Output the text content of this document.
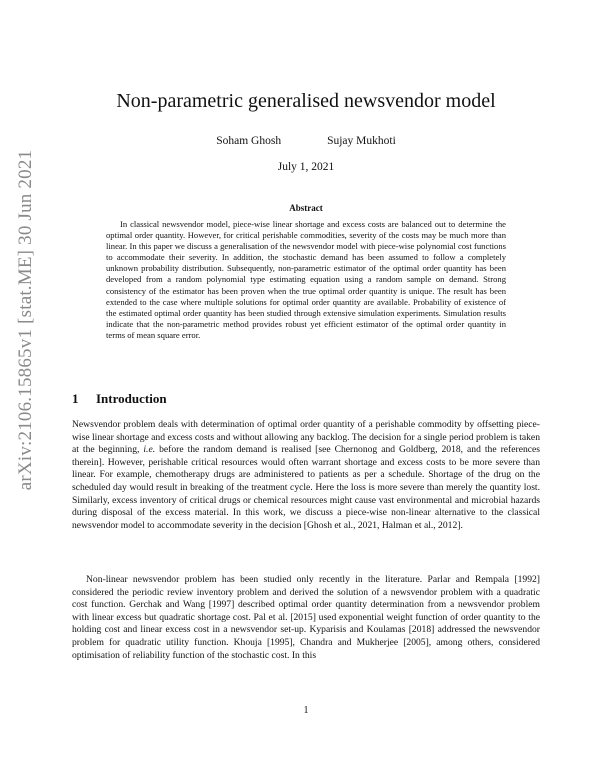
arXiv:2106.15865v1 [stat.ME] 30 Jun 2021
Non-parametric generalised newsvendor model
Soham Ghosh	Sujay Mukhoti
July 1, 2021
Abstract

In classical newsvendor model, piece-wise linear shortage and excess costs are balanced out to determine the optimal order quantity. However, for critical perishable commodities, severity of the costs may be much more than linear. In this paper we discuss a generalisation of the newsvendor model with piece-wise polynomial cost functions to accommodate their severity. In addition, the stochastic demand has been assumed to follow a completely unknown probability distribution. Subsequently, non-parametric estimator of the optimal order quantity has been developed from a random polynomial type estimating equation using a random sample on demand. Strong consistency of the estimator has been proven when the true optimal order quantity is unique. The result has been extended to the case where multiple solutions for optimal order quantity are available. Probability of existence of the estimated optimal order quantity has been studied through extensive simulation experiments. Simulation results indicate that the non-parametric method provides robust yet efficient estimator of the optimal order quantity in terms of mean square error.

1 Introduction

Newsvendor problem deals with determination of optimal order quantity of a perishable commodity by offsetting piece-wise linear shortage and excess costs and without allowing any backlog. The decision for a single period problem is taken at the beginning, i.e. before the random demand is realised [see Chernonog and Goldberg, 2018, and the references therein]. However, perishable critical resources would often warrant shortage and excess costs to be more severe than linear. For example, chemotherapy drugs are administered to patients as per a schedule. Shortage of the drug on the scheduled day would result in breaking of the treatment cycle. Here the loss is more severe than merely the quantity lost. Similarly, excess inventory of critical drugs or chemical resources might cause vast environmental and microbial hazards during disposal of the excess material. In this work, we discuss a piece-wise non-linear alternative to the classical newsvendor model to accommodate severity in the decision [Ghosh et al., 2021, Halman et al., 2012].

Non-linear newsvendor problem has been studied only recently in the literature. Parlar and Rempala [1992] considered the periodic review inventory problem and derived the solution of a newsvendor problem with a quadratic cost function. Gerchak and Wang [1997] described optimal order quantity determination from a newsvendor problem with linear excess but quadratic shortage cost. Pal et al. [2015] used exponential weight function of order quantity to the holding cost and linear excess cost in a newsvendor set-up. Kyparisis and Koulamas [2018] addressed the newsvendor problem for quadratic utility function. Khouja [1995], Chandra and Mukherjee [2005], among others, considered optimisation of reliability function of the stochastic cost. In this

1
